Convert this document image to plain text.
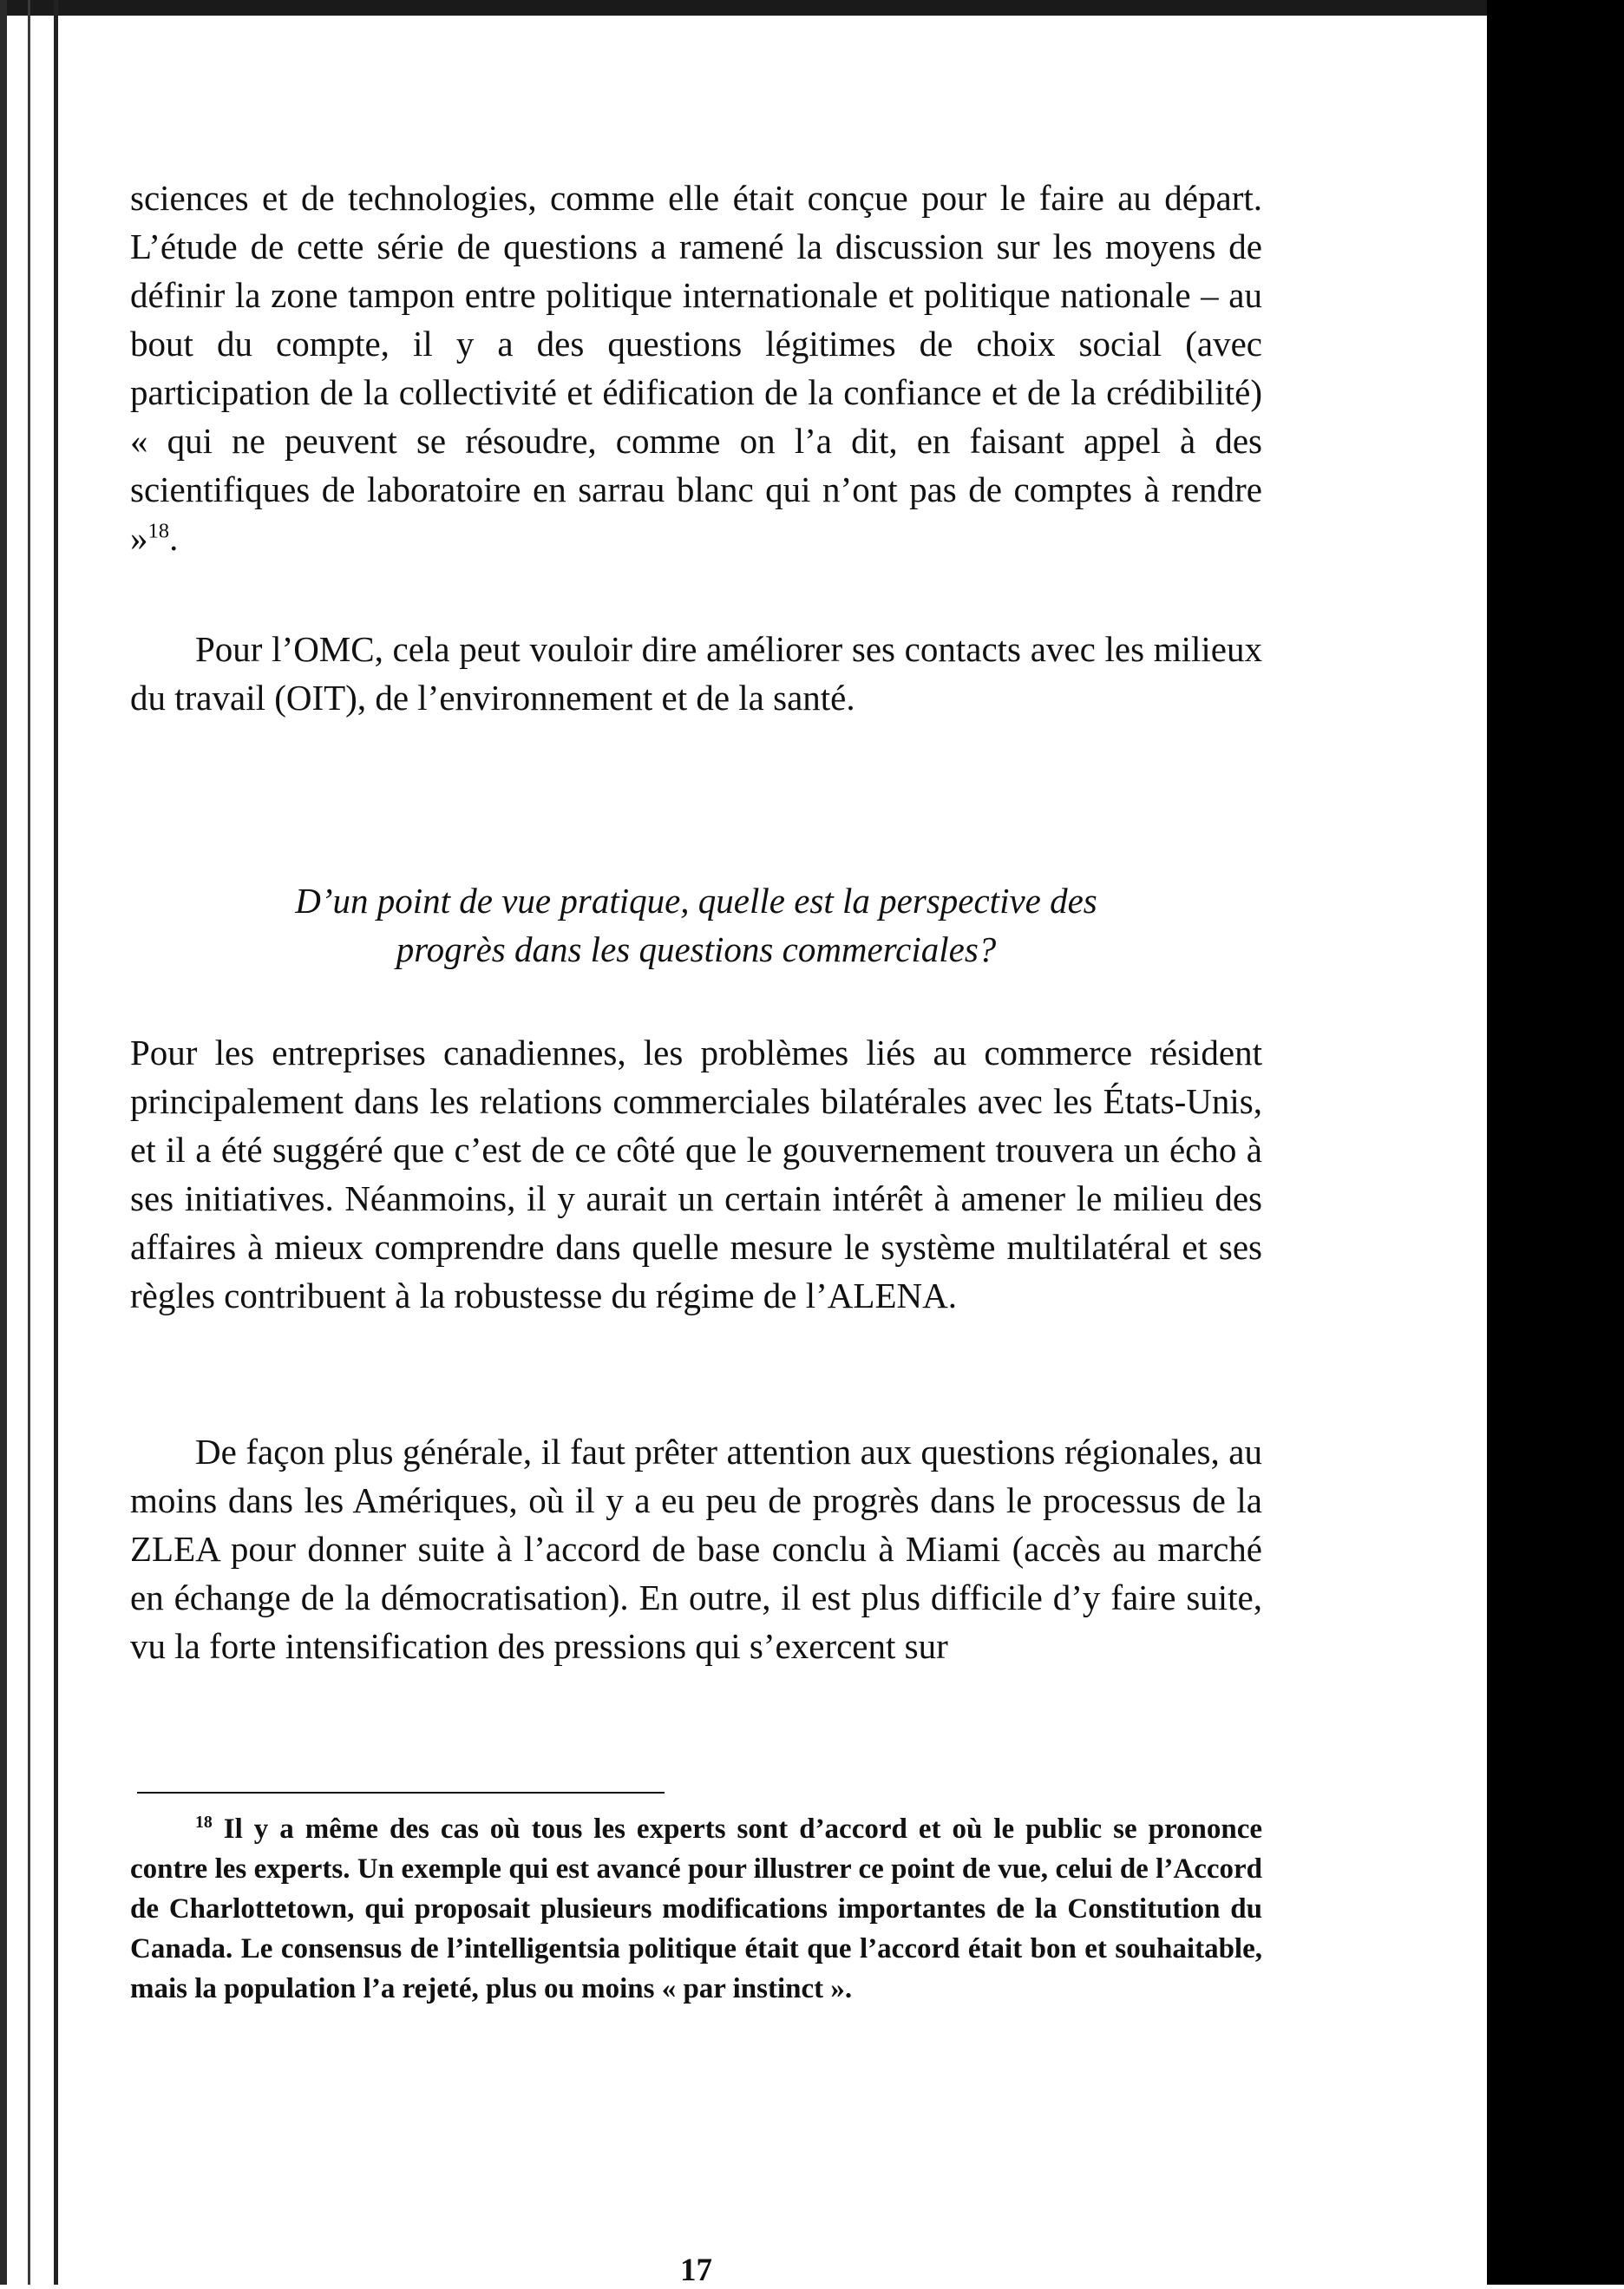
sciences et de technologies, comme elle était conçue pour le faire au départ. L’étude de cette série de questions a ramené la discussion sur les moyens de définir la zone tampon entre politique internationale et politique nationale – au bout du compte, il y a des questions légitimes de choix social (avec participation de la collectivité et édification de la confiance et de la crédibilité) « qui ne peuvent se résoudre, comme on l’a dit, en faisant appel à des scientifiques de laboratoire en sarrau blanc qui n’ont pas de comptes à rendre »$^{18}$.

Pour l’OMC, cela peut vouloir dire améliorer ses contacts avec les milieux du travail (OIT), de l’environnement et de la santé.

D’un point de vue pratique, quelle est la perspective des
progrès dans les questions commerciales?

Pour les entreprises canadiennes, les problèmes liés au commerce résident principalement dans les relations commerciales bilatérales avec les États-Unis, et il a été suggéré que c’est de ce côté que le gouvernement trouvera un écho à ses initiatives. Néanmoins, il y aurait un certain intérêt à amener le milieu des affaires à mieux comprendre dans quelle mesure le système multilatéral et ses règles contribuent à la robustesse du régime de l’ALENA.

De façon plus générale, il faut prêter attention aux questions régionales, au moins dans les Amériques, où il y a eu peu de progrès dans le processus de la ZLEA pour donner suite à l’accord de base conclu à Miami (accès au marché en échange de la démocratisation). En outre, il est plus difficile d’y faire suite, vu la forte intensification des pressions qui s’exercent sur

$^{18}$ Il y a même des cas où tous les experts sont d’accord et où le public se prononce contre les experts. Un exemple qui est avancé pour illustrer ce point de vue, celui de l’Accord de Charlottetown, qui proposait plusieurs modifications importantes de la Constitution du Canada. Le consensus de l’intelligentsia politique était que l’accord était bon et souhaitable, mais la population l’a rejeté, plus ou moins « par instinct ».

17
